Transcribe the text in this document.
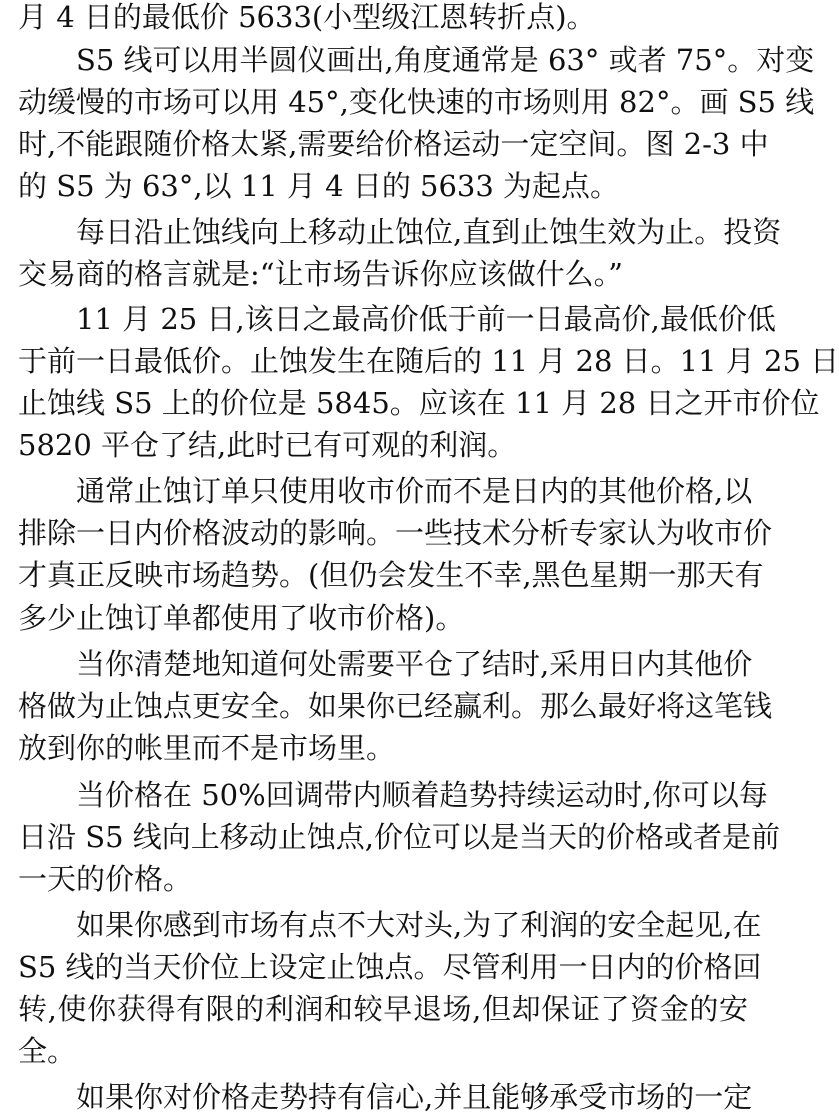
月 4 日的最低价 5633(小型级江恩转折点)。
　　S5 线可以用半圆仪画出,角度通常是 63° 或者 75°。对变
动缓慢的市场可以用 45°,变化快速的市场则用 82°。画 S5 线
时,不能跟随价格太紧,需要给价格运动一定空间。图 2-3 中
的 S5 为 63°,以 11 月 4 日的 5633 为起点。
　　每日沿止蚀线向上移动止蚀位,直到止蚀生效为止。投资
交易商的格言就是:“让市场告诉你应该做什么。”
　　11 月 25 日,该日之最高价低于前一日最高价,最低价低
于前一日最低价。止蚀发生在随后的 11 月 28 日。11 月 25 日
止蚀线 S5 上的价位是 5845。应该在 11 月 28 日之开市价位
5820 平仓了结,此时已有可观的利润。
　　通常止蚀订单只使用收市价而不是日内的其他价格,以
排除一日内价格波动的影响。一些技术分析专家认为收市价
才真正反映市场趋势。(但仍会发生不幸,黑色星期一那天有
多少止蚀订单都使用了收市价格)。
　　当你清楚地知道何处需要平仓了结时,采用日内其他价
格做为止蚀点更安全。如果你已经赢利。那么最好将这笔钱
放到你的帐里而不是市场里。
　　当价格在 50%回调带内顺着趋势持续运动时,你可以每
日沿 S5 线向上移动止蚀点,价位可以是当天的价格或者是前
一天的价格。
　　如果你感到市场有点不大对头,为了利润的安全起见,在
S5 线的当天价位上设定止蚀点。尽管利用一日内的价格回
转,使你获得有限的利润和较早退场,但却保证了资金的安
全。
　　如果你对价格走势持有信心,并且能够承受市场的一定
